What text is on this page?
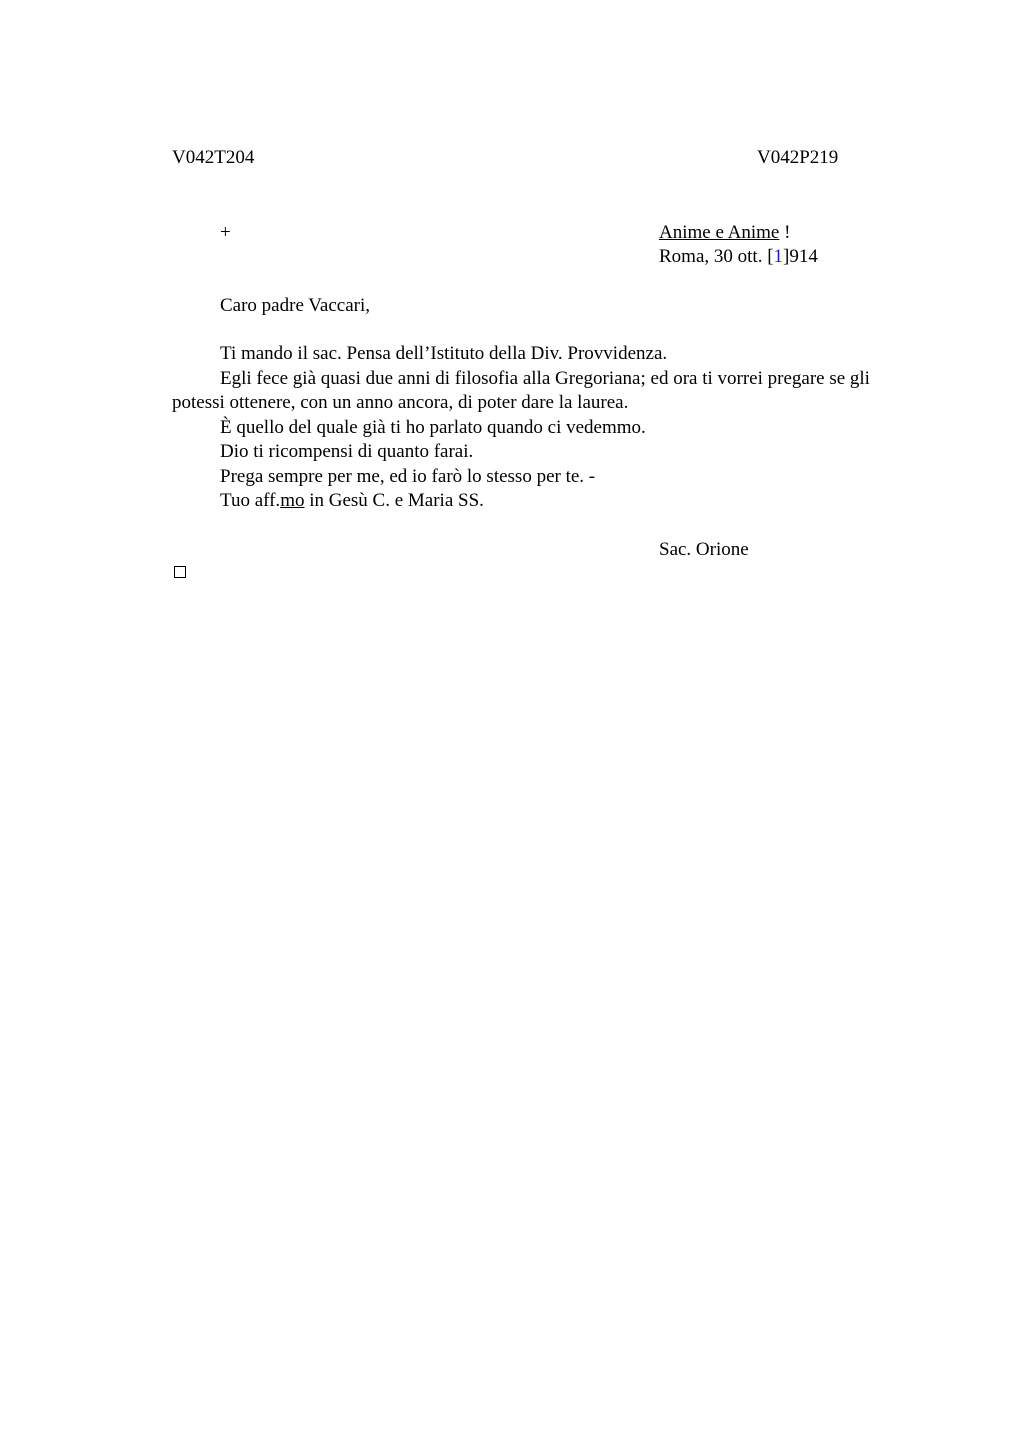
V042T204	V042P219
+	Anime e Anime !
Roma, 30 ott. [1]914
Caro padre Vaccari,

Ti mando il sac. Pensa dell’Istituto della Div. Provvidenza.

Egli fece già quasi due anni di filosofia alla Gregoriana; ed ora ti vorrei pregare se gli potessi ottenere, con un anno ancora, di poter dare la laurea.

È quello del quale già ti ho parlato quando ci vedemmo.

Dio ti ricompensi di quanto farai.

Prega sempre per me, ed io farò lo stesso per te. -

Tuo aff.mo in Gesù C. e Maria SS.

Sac. Orione
